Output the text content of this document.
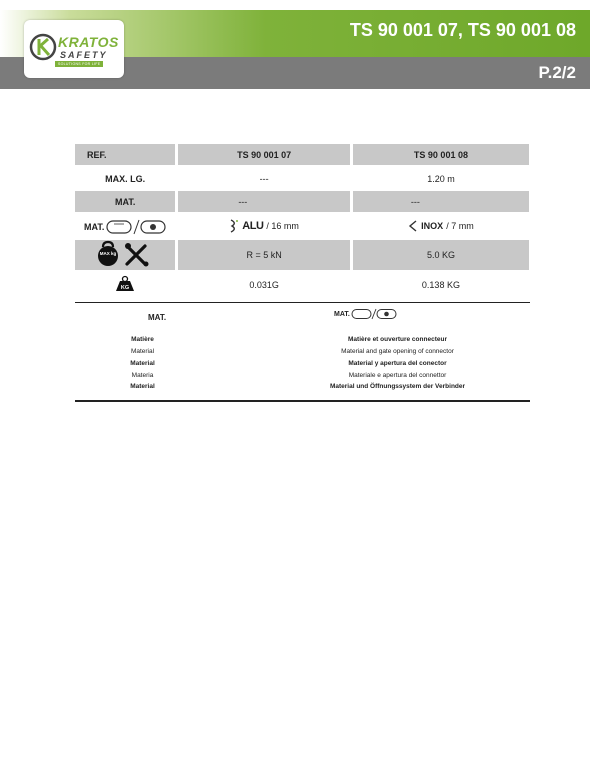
TS 90 001 07, TS 90 001 08
P.2/2
KRATOS
SAFETY
SOLUTIONS FOR LIFE
REF.	TS 90 001 07	TS 90 001 08

MAX. LG.	---	1.20 m
MAT.	---	---

MAT.	ALU / 16 mm	INOX / 7 mm

MAX kg	R = 5 kN	5.0 KG

KG	0.031G	0.138 KG
MAT.	MAT.
Matière	Matière et ouverture connecteur
Material	Material and gate opening of connector
Material	Material y apertura del conector
Materia	Materiale e apertura del connettor
Material	Material und Öffnungssystem der Verbinder
